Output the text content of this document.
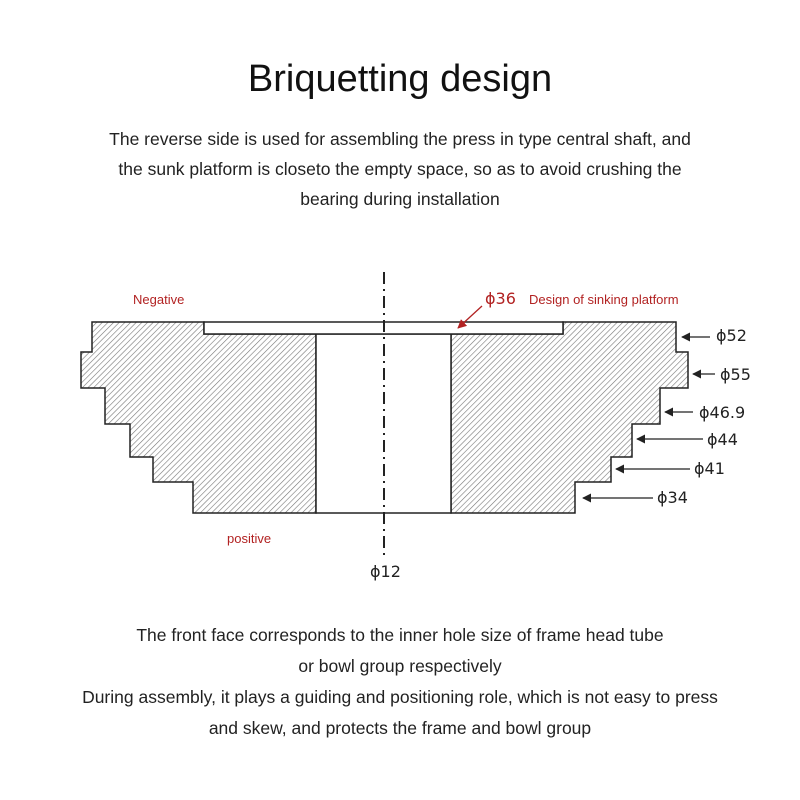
Briquetting design
The reverse side is used for assembling the press in type central shaft, and
the sunk platform is closeto the empty space, so as to avoid crushing the
bearing during installation
Negative
positive
ϕ36 Design of sinking platform
ϕ12
ϕ52
ϕ55
ϕ46.9
ϕ44
ϕ41
ϕ34
The front face corresponds to the inner hole size of frame head tube
or bowl group respectively
During assembly, it plays a guiding and positioning role, which is not easy to press
and skew, and protects the frame and bowl group
